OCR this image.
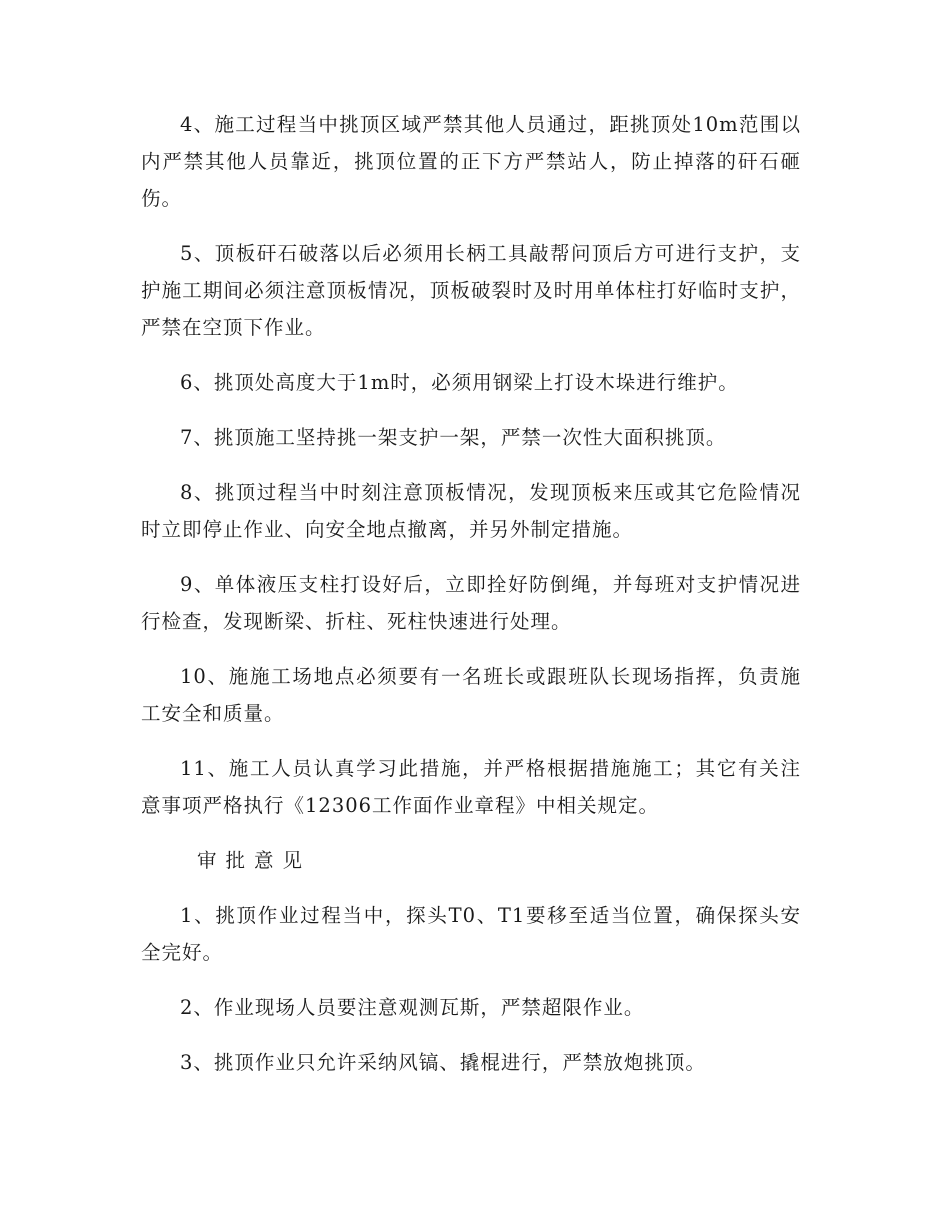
4、施工过程当中挑顶区域严禁其他人员通过，距挑顶处10m范围以内严禁其他人员靠近，挑顶位置的正下方严禁站人，防止掉落的矸石砸伤。

5、顶板矸石破落以后必须用长柄工具敲帮问顶后方可进行支护，支护施工期间必须注意顶板情况，顶板破裂时及时用单体柱打好临时支护，严禁在空顶下作业。

6、挑顶处高度大于1m时，必须用钢梁上打设木垛进行维护。

7、挑顶施工坚持挑一架支护一架，严禁一次性大面积挑顶。

8、挑顶过程当中时刻注意顶板情况，发现顶板来压或其它危险情况时立即停止作业、向安全地点撤离，并另外制定措施。

9、单体液压支柱打设好后，立即拴好防倒绳，并每班对支护情况进行检查，发现断梁、折柱、死柱快速进行处理。

10、施施工场地点必须要有一名班长或跟班队长现场指挥，负责施工安全和质量。

11、施工人员认真学习此措施，并严格根据措施施工；其它有关注意事项严格执行《12306工作面作业章程》中相关规定。

审批意见

1、挑顶作业过程当中，探头T0、T1要移至适当位置，确保探头安全完好。

2、作业现场人员要注意观测瓦斯，严禁超限作业。

3、挑顶作业只允许采纳风镐、撬棍进行，严禁放炮挑顶。
